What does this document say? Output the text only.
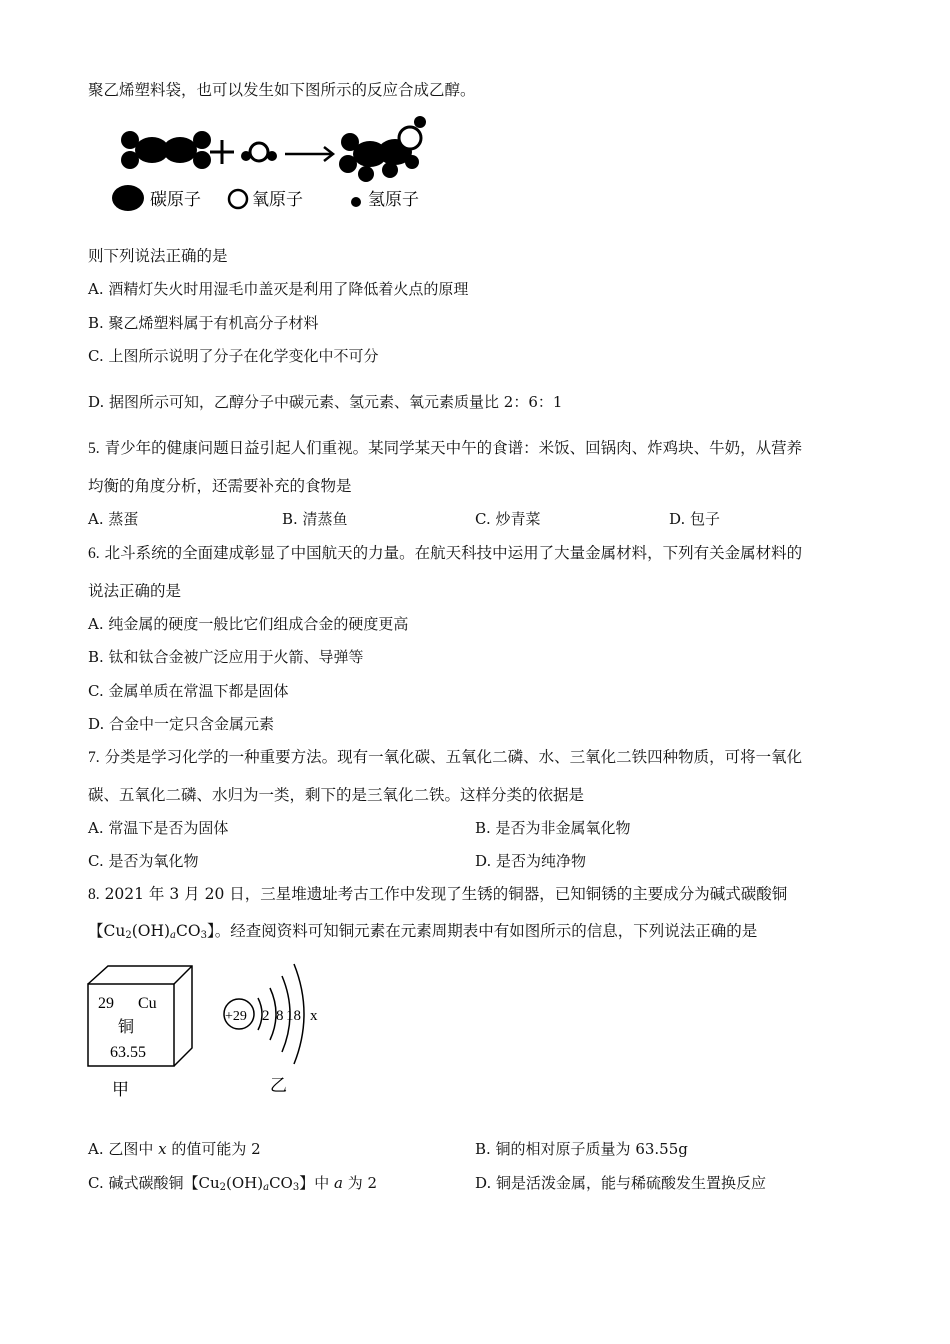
聚乙烯塑料袋，也可以发生如下图所示的反应合成乙醇。
碳原子	氧原子	氢原子
则下列说法正确的是
A. 酒精灯失火时用湿毛巾盖灭是利用了降低着火点的原理
B. 聚乙烯塑料属于有机高分子材料
C. 上图所示说明了分子在化学变化中不可分
D. 据图所示可知，乙醇分子中碳元素、氢元素、氧元素质量比 2：6：1
5. 青少年的健康问题日益引起人们重视。某同学某天中午的食谱：米饭、回锅肉、炸鸡块、牛奶，从营养
均衡的角度分析，还需要补充的食物是
A. 蒸蛋	B. 清蒸鱼	C. 炒青菜	D. 包子
6. 北斗系统的全面建成彰显了中国航天的力量。在航天科技中运用了大量金属材料，下列有关金属材料的
说法正确的是
A. 纯金属的硬度一般比它们组成合金的硬度更高
B. 钛和钛合金被广泛应用于火箭、导弹等
C. 金属单质在常温下都是固体
D. 合金中一定只含金属元素
7. 分类是学习化学的一种重要方法。现有一氧化碳、五氧化二磷、水、三氧化二铁四种物质，可将一氧化
碳、五氧化二磷、水归为一类，剩下的是三氧化二铁。这样分类的依据是
A. 常温下是否为固体	B. 是否为非金属氧化物
C. 是否为氧化物	D. 是否为纯净物
8. 2021 年 3 月 20 日，三星堆遗址考古工作中发现了生锈的铜器，已知铜锈的主要成分为碱式碳酸铜
【$Cu_2(OH)_aCO_3$】。经查阅资料可知铜元素在元素周期表中有如图所示的信息，下列说法正确的是
29 Cu
铜
63.55
甲
+29 2 8 18 x
乙
A. 乙图中 x 的值可能为 2	B. 铜的相对原子质量为 63.55g
C. 碱式碳酸铜【$Cu_2(OH)_aCO_3$】中 a 为 2	D. 铜是活泼金属，能与稀硫酸发生置换反应
